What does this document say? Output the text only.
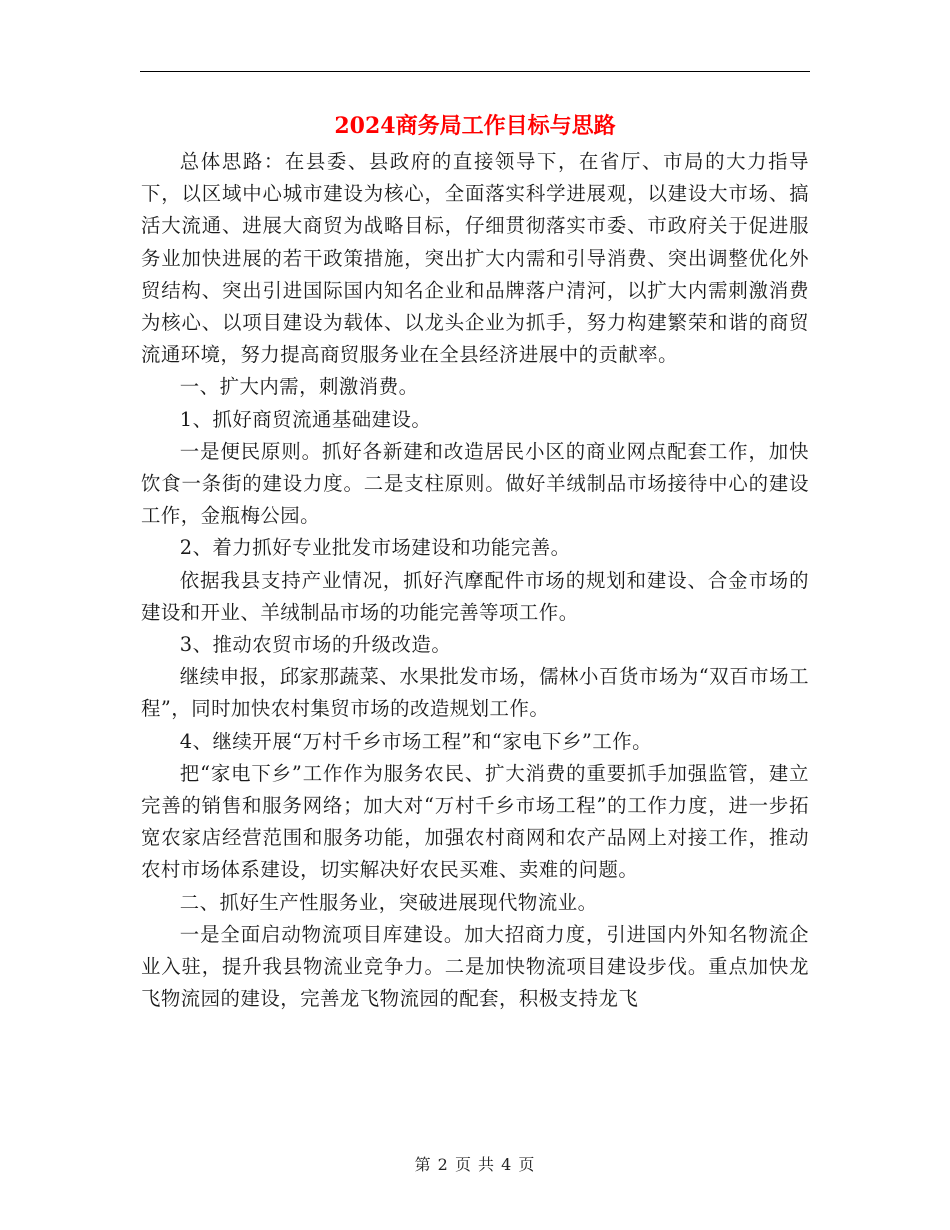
2024商务局工作目标与思路

总体思路：在县委、县政府的直接领导下，在省厅、市局的大力指导下，以区域中心城市建设为核心，全面落实科学进展观，以建设大市场、搞活大流通、进展大商贸为战略目标，仔细贯彻落实市委、市政府关于促进服务业加快进展的若干政策措施，突出扩大内需和引导消费、突出调整优化外贸结构、突出引进国际国内知名企业和品牌落户清河，以扩大内需刺激消费为核心、以项目建设为载体、以龙头企业为抓手，努力构建繁荣和谐的商贸流通环境，努力提高商贸服务业在全县经济进展中的贡献率。

一、扩大内需，刺激消费。

1、抓好商贸流通基础建设。

一是便民原则。抓好各新建和改造居民小区的商业网点配套工作，加快饮食一条街的建设力度。二是支柱原则。做好羊绒制品市场接待中心的建设工作，金瓶梅公园。

2、着力抓好专业批发市场建设和功能完善。

依据我县支持产业情况，抓好汽摩配件市场的规划和建设、合金市场的建设和开业、羊绒制品市场的功能完善等项工作。

3、推动农贸市场的升级改造。

继续申报，邱家那蔬菜、水果批发市场，儒林小百货市场为“双百市场工程”，同时加快农村集贸市场的改造规划工作。

4、继续开展“万村千乡市场工程”和“家电下乡”工作。

把“家电下乡”工作作为服务农民、扩大消费的重要抓手加强监管，建立完善的销售和服务网络；加大对“万村千乡市场工程”的工作力度，进一步拓宽农家店经营范围和服务功能，加强农村商网和农产品网上对接工作，推动农村市场体系建设，切实解决好农民买难、卖难的问题。

二、抓好生产性服务业，突破进展现代物流业。

一是全面启动物流项目库建设。加大招商力度，引进国内外知名物流企业入驻，提升我县物流业竞争力。二是加快物流项目建设步伐。重点加快龙飞物流园的建设，完善龙飞物流园的配套，积极支持龙飞

第 2 页 共 4 页
